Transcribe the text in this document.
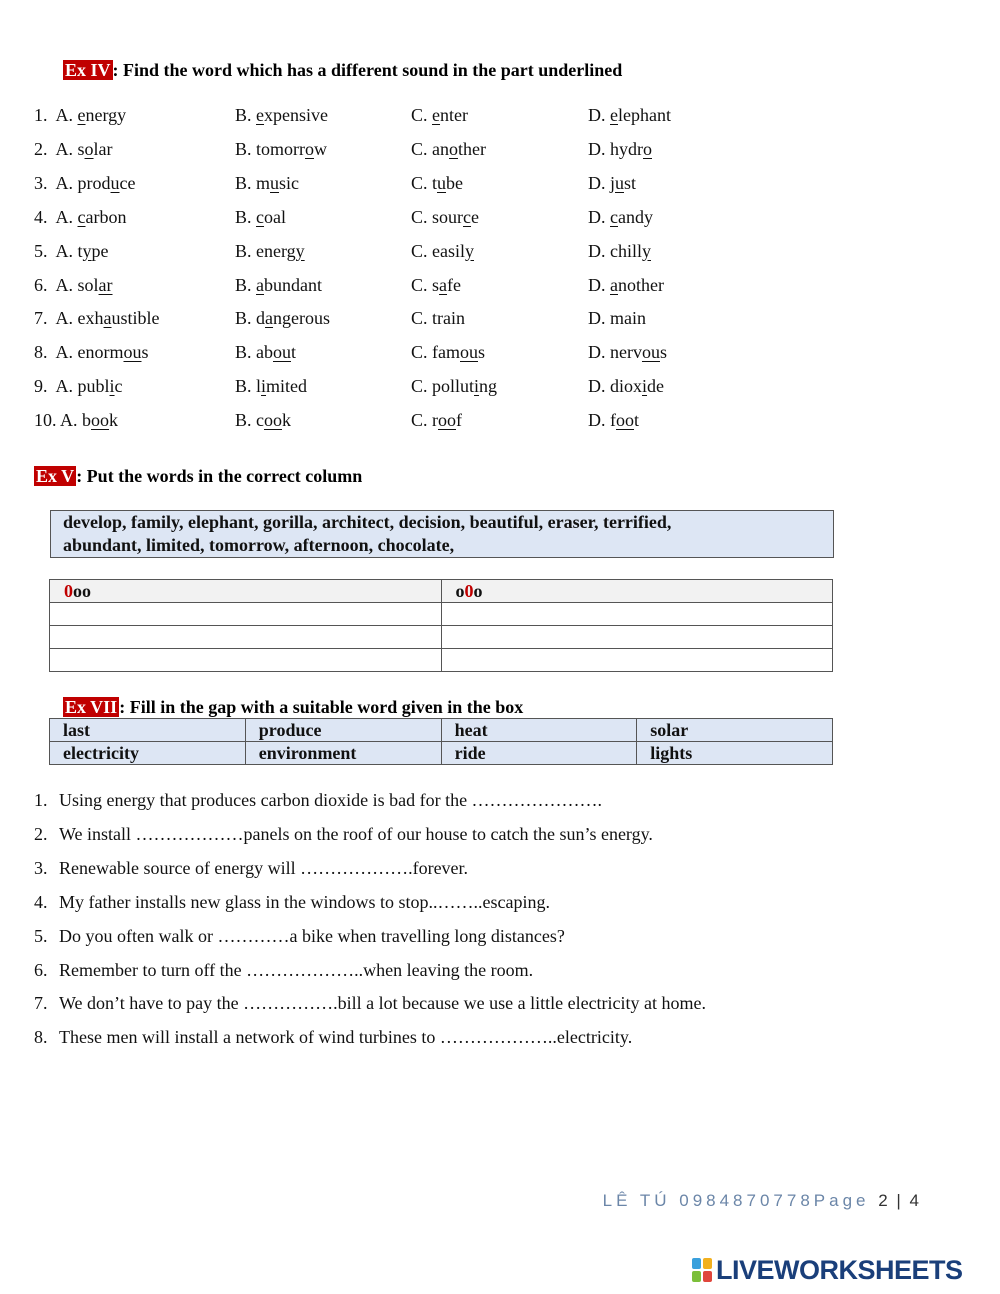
Ex IV : Find the word which has a different sound in the part underlined
1.  A. energy	B. expensive	C. enter	D. elephant
2.  A. solar	B. tomorrow	C. another	D. hydro
3.  A. produce	B. music	C. tube	D. just
4.  A. carbon	B. coal	C. source	D. candy
5.  A. type	B. energy	C. easily	D. chilly
6.  A. solar	B. abundant	C. safe	D. another
7.  A. exhaustible	B. dangerous	C. train	D. main
8.  A. enormous	B. about	C. famous	D. nervous
9.  A. public	B. limited	C. polluting	D. dioxide
10. A. book	B. cook	C. roof	D. foot
Ex V : Put the words in the correct column
develop, family, elephant, gorilla, architect, decision, beautiful, eraser, terrified,
abundant, limited, tomorrow, afternoon, chocolate,
0oo	o0o

Ex VII : Fill in the gap with a suitable word given in the box
last	produce	heat	solar
electricity	environment	ride	lights
1. Using energy that produces carbon dioxide is bad for the ………………….
2. We install ………………panels on the roof of our house to catch the sun’s energy.
3. Renewable source of energy will ……………….forever.
4. My father installs new glass in the windows to stop..……..escaping.
5. Do you often walk or …………a bike when travelling long distances?
6. Remember to turn off the ………………..when leaving the room.
7. We don’t have to pay the …………….bill a lot because we use a little electricity at home.
8. These men will install a network of wind turbines to ………………..electricity.
LÊ TÚ 0984870778Page 2 | 4
LIVEWORKSHEETS
